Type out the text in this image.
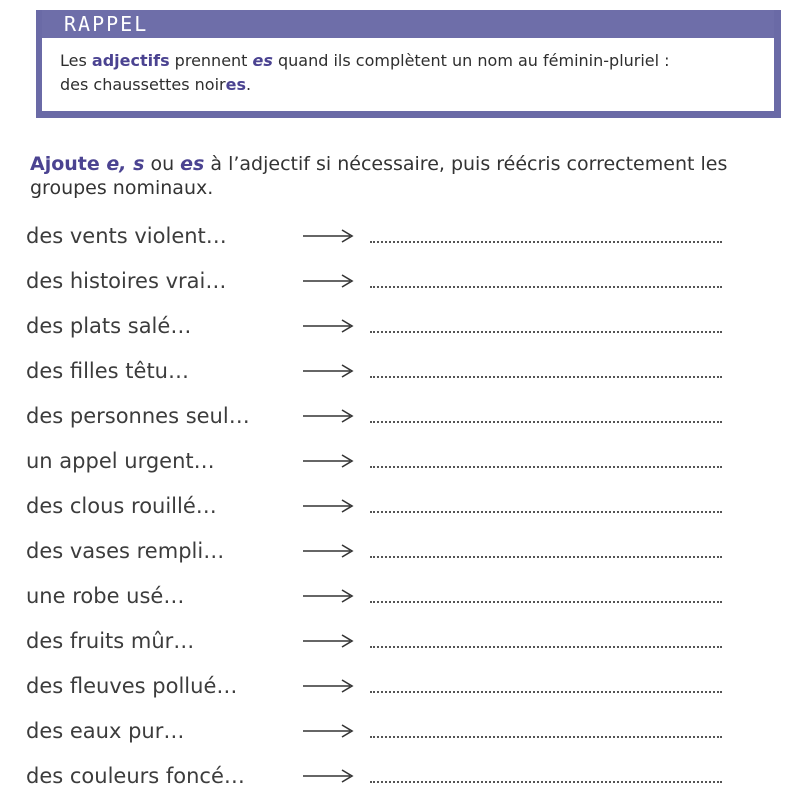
RAPPEL
Les adjectifs prennent es quand ils complètent un nom au féminin-pluriel :
des chaussettes noires.
Ajoute e, s ou es à l’adjectif si nécessaire, puis réécris correctement les groupes nominaux.
des vents violent…
des histoires vrai…
des plats salé…
des filles têtu…
des personnes seul…
un appel urgent…
des clous rouillé…
des vases rempli…
une robe usé…
des fruits mûr…
des fleuves pollué…
des eaux pur…
des couleurs foncé…
